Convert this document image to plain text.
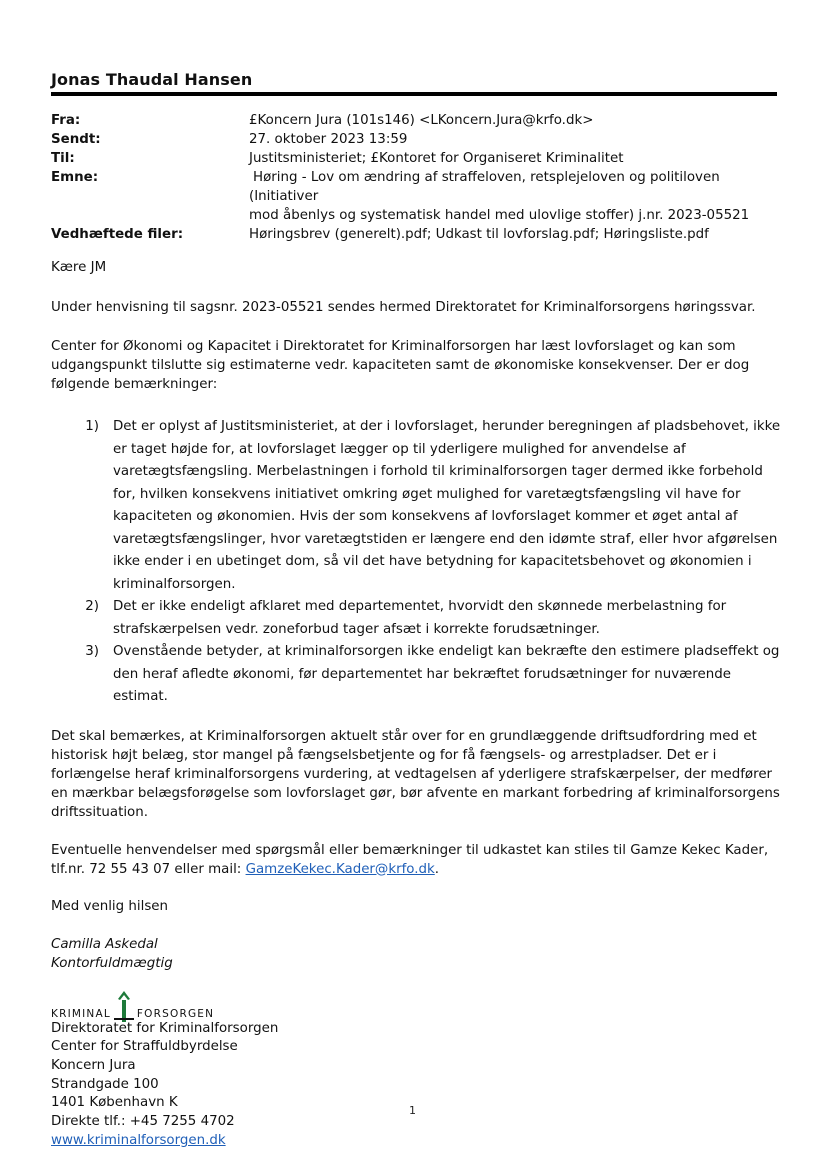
Jonas Thaudal Hansen
Fra:	£Koncern Jura (101s146) <LKoncern.Jura@krfo.dk>
Sendt:	27. oktober 2023 13:59
Til:	Justitsministeriet; £Kontoret for Organiseret Kriminalitet
Emne:	Høring - Lov om ændring af straffeloven, retsplejeloven og politiloven (Initiativer
mod åbenlys og systematisk handel med ulovlige stoffer) j.nr. 2023-05521
Vedhæftede filer:	Høringsbrev (generelt).pdf; Udkast til lovforslag.pdf; Høringsliste.pdf

Kære JM

Under henvisning til sagsnr. 2023-05521 sendes hermed Direktoratet for Kriminalforsorgens høringssvar.

Center for Økonomi og Kapacitet i Direktoratet for Kriminalforsorgen har læst lovforslaget og kan som udgangspunkt tilslutte sig estimaterne vedr. kapaciteten samt de økonomiske konsekvenser. Der er dog følgende bemærkninger:

1)	Det er oplyst af Justitsministeriet, at der i lovforslaget, herunder beregningen af pladsbehovet, ikke er taget højde for, at lovforslaget lægger op til yderligere mulighed for anvendelse af varetægtsfængsling. Merbelastningen i forhold til kriminalforsorgen tager dermed ikke forbehold for, hvilken konsekvens initiativet omkring øget mulighed for varetægtsfængsling vil have for kapaciteten og økonomien. Hvis der som konsekvens af lovforslaget kommer et øget antal af varetægtsfængslinger, hvor varetægtstiden er længere end den idømte straf, eller hvor afgørelsen ikke ender i en ubetinget dom, så vil det have betydning for kapacitetsbehovet og økonomien i kriminalforsorgen.
2)	Det er ikke endeligt afklaret med departementet, hvorvidt den skønnede merbelastning for strafskærpelsen vedr. zoneforbud tager afsæt i korrekte forudsætninger.
3)	Ovenstående betyder, at kriminalforsorgen ikke endeligt kan bekræfte den estimere pladseffekt og den heraf afledte økonomi, før departementet har bekræftet forudsætninger for nuværende estimat.

Det skal bemærkes, at Kriminalforsorgen aktuelt står over for en grundlæggende driftsudfordring med et historisk højt belæg, stor mangel på fængselsbetjente og for få fængsels- og arrestpladser. Det er i forlængelse heraf kriminalforsorgens vurdering, at vedtagelsen af yderligere strafskærpelser, der medfører en mærkbar belægsforøgelse som lovforslaget gør, bør afvente en markant forbedring af kriminalforsorgens driftssituation.

Eventuelle henvendelser med spørgsmål eller bemærkninger til udkastet kan stiles til Gamze Kekec Kader, tlf.nr. 72 55 43 07 eller mail: GamzeKekec.Kader@krfo.dk.

Med venlig hilsen

Camilla Askedal

Kontorfuldmægtig

KRIMINAL FORSORGEN

Direktoratet for Kriminalforsorgen

Center for Straffuldbyrdelse

Koncern Jura

Strandgade 100

1401 København K

Direkte tlf.: +45 7255 4702

www.kriminalforsorgen.dk

1
